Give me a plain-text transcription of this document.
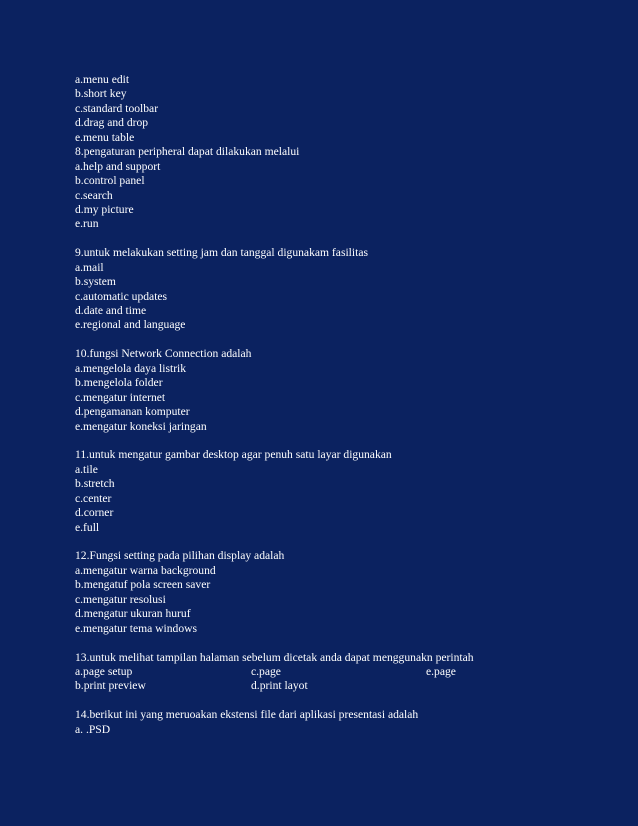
a.menu edit
b.short key
c.standard toolbar
d.drag and drop
e.menu table
8.pengaturan peripheral dapat dilakukan melalui
a.help and support
b.control panel
c.search
d.my picture
e.run
9.untuk melakukan setting jam dan tanggal digunakam fasilitas
a.mail
b.system
c.automatic updates
d.date and time
e.regional and language
10.fungsi Network Connection adalah
a.mengelola daya listrik
b.mengelola folder
c.mengatur internet
d.pengamanan komputer
e.mengatur koneksi jaringan
11.untuk mengatur gambar desktop agar penuh satu layar digunakan
a.tile
b.stretch
c.center
d.corner
e.full
12.Fungsi setting pada pilihan display adalah
a.mengatur warna background
b.mengatuf pola screen saver
c.mengatur resolusi
d.mengatur ukuran huruf
e.mengatur tema windows
13.untuk melihat tampilan halaman sebelum dicetak anda dapat menggunakn perintah
a.page setup	c.page	e.page
b.print preview	d.print layot
14.berikut ini yang meruoakan ekstensi file dari aplikasi presentasi adalah
a. .PSD
